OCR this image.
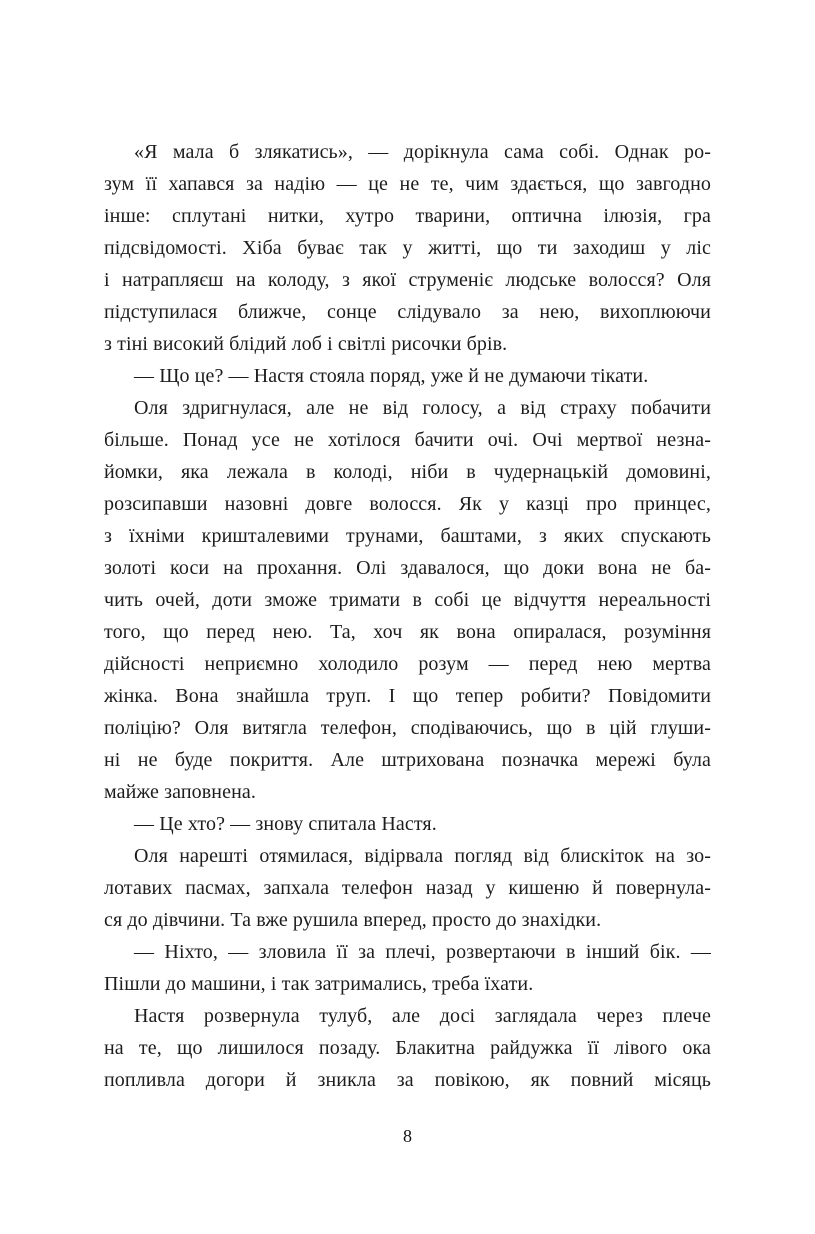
«Я мала б злякатись», — дорікнула сама собі. Однак ро-
зум її хапався за надію — це не те, чим здається, що завгодно
інше: сплутані нитки, хутро тварини, оптична ілюзія, гра
підсвідомості. Хіба буває так у житті, що ти заходиш у ліс
і натрапляєш на колоду, з якої струменіє людське волосся? Оля
підступилася ближче, сонце слідувало за нею, вихоплюючи
з тіні високий блідий лоб і світлі рисочки брів.
— Що це? — Настя стояла поряд, уже й не думаючи тікати.
Оля здригнулася, але не від голосу, а від страху побачити
більше. Понад усе не хотілося бачити очі. Очі мертвої незна-
йомки, яка лежала в колоді, ніби в чудернацькій домовині,
розсипавши назовні довге волосся. Як у казці про принцес,
з їхніми кришталевими трунами, баштами, з яких спускають
золоті коси на прохання. Олі здавалося, що доки вона не ба-
чить очей, доти зможе тримати в собі це відчуття нереальності
того, що перед нею. Та, хоч як вона опиралася, розуміння
дійсності неприємно холодило розум — перед нею мертва
жінка. Вона знайшла труп. І що тепер робити? Повідомити
поліцію? Оля витягла телефон, сподіваючись, що в цій глуши-
ні не буде покриття. Але штрихована позначка мережі була
майже заповнена.
— Це хто? — знову спитала Настя.
Оля нарешті отямилася, відірвала погляд від блискіток на зо-
лотавих пасмах, запхала телефон назад у кишеню й повернула-
ся до дівчини. Та вже рушила вперед, просто до знахідки.
— Ніхто, — зловила її за плечі, розвертаючи в інший бік. —
Пішли до машини, і так затримались, треба їхати.
Настя розвернула тулуб, але досі заглядала через плече
на те, що лишилося позаду. Блакитна райдужка її лівого ока
попливла догори й зникла за повікою, як повний місяць
8
